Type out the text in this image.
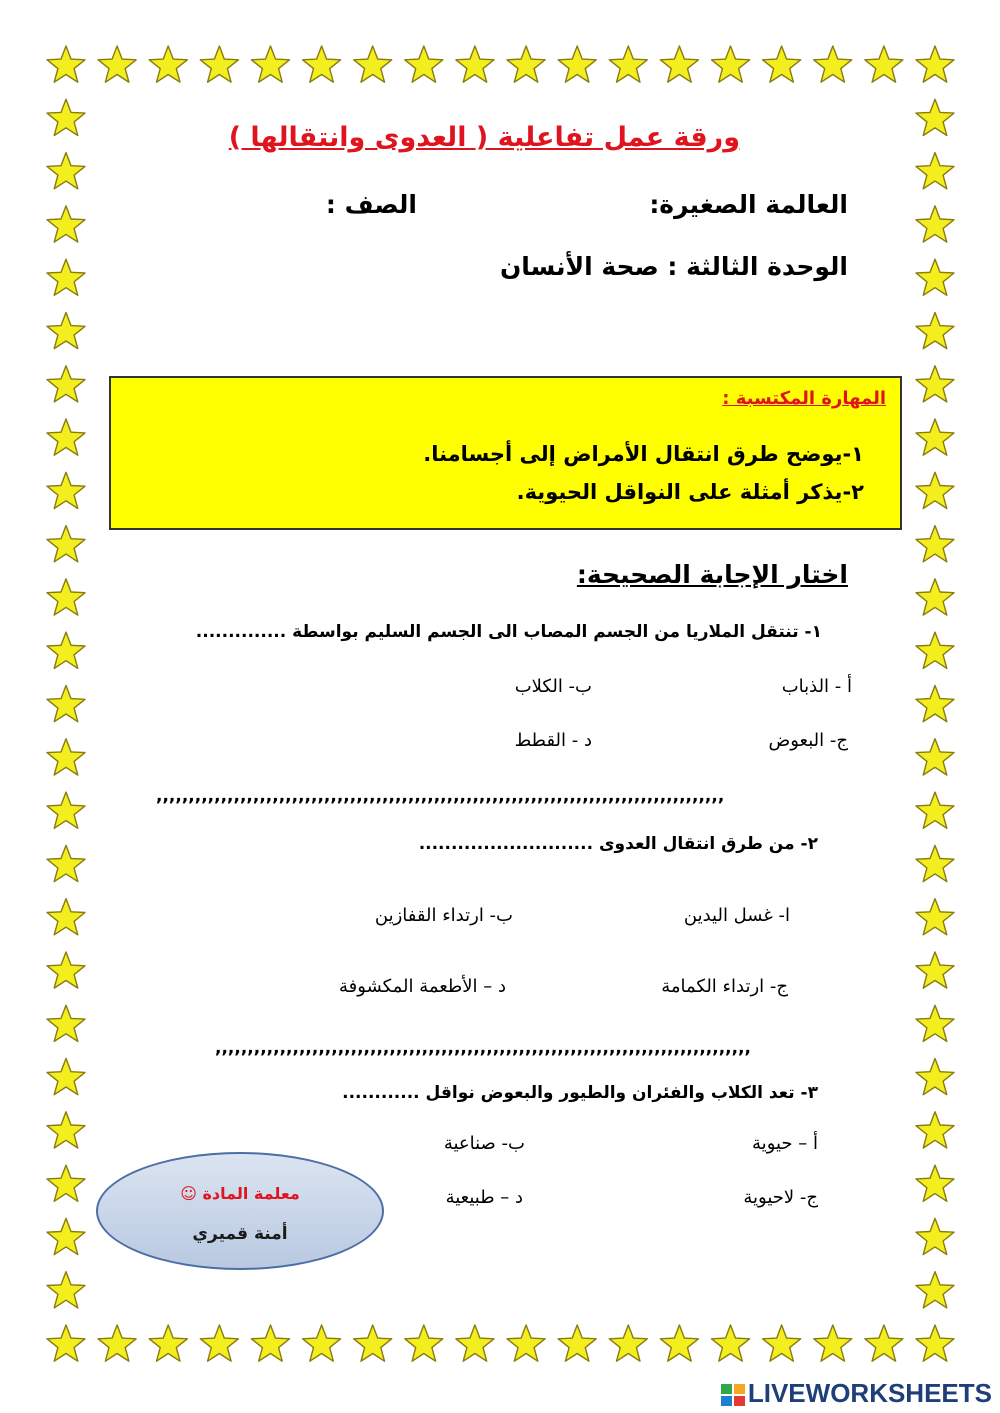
ورقة عمل تفاعلية ( العدوى وانتقالها )
العالمة الصغيرة:
الصف :
الوحدة الثالثة : صحة الأنسان
المهارة المكتسبة :
١-يوضح طرق انتقال الأمراض إلى أجسامنا.
٢-يذكر أمثلة على النواقل الحيوية.
اختار الإجابة الصحيحة:
١- تنتقل الملاريا من الجسم المصاب الى الجسم السليم بواسطة ..............
أ - الذباب
ب- الكلاب
ج- البعوض
د - القطط
,,,,,,,,,,,,,,,,,,,,,,,,,,,,,,,,,,,,,,,,,,,,,,,,,,,,,,,,,,,,,,,,,,,,,,,,,,,,,,,,,,,,,,,,
٢- من طرق انتقال العدوى ...........................
ا- غسل اليدين
ب- ارتداء القفازين
ج- ارتداء الكمامة
د – الأطعمة المكشوفة
,,,,,,,,,,,,,,,,,,,,,,,,,,,,,,,,,,,,,,,,,,,,,,,,,,,,,,,,,,,,,,,,,,,,,,,,,,,,,,,,,,,
٣- تعد الكلاب والفئران والطيور والبعوض نواقل ............
أ – حيوية
ب- صناعية
ج- لاحيوية
د – طبيعية
معلمة المادة ☺
أمنة قميري
LIVEWORKSHEETS
